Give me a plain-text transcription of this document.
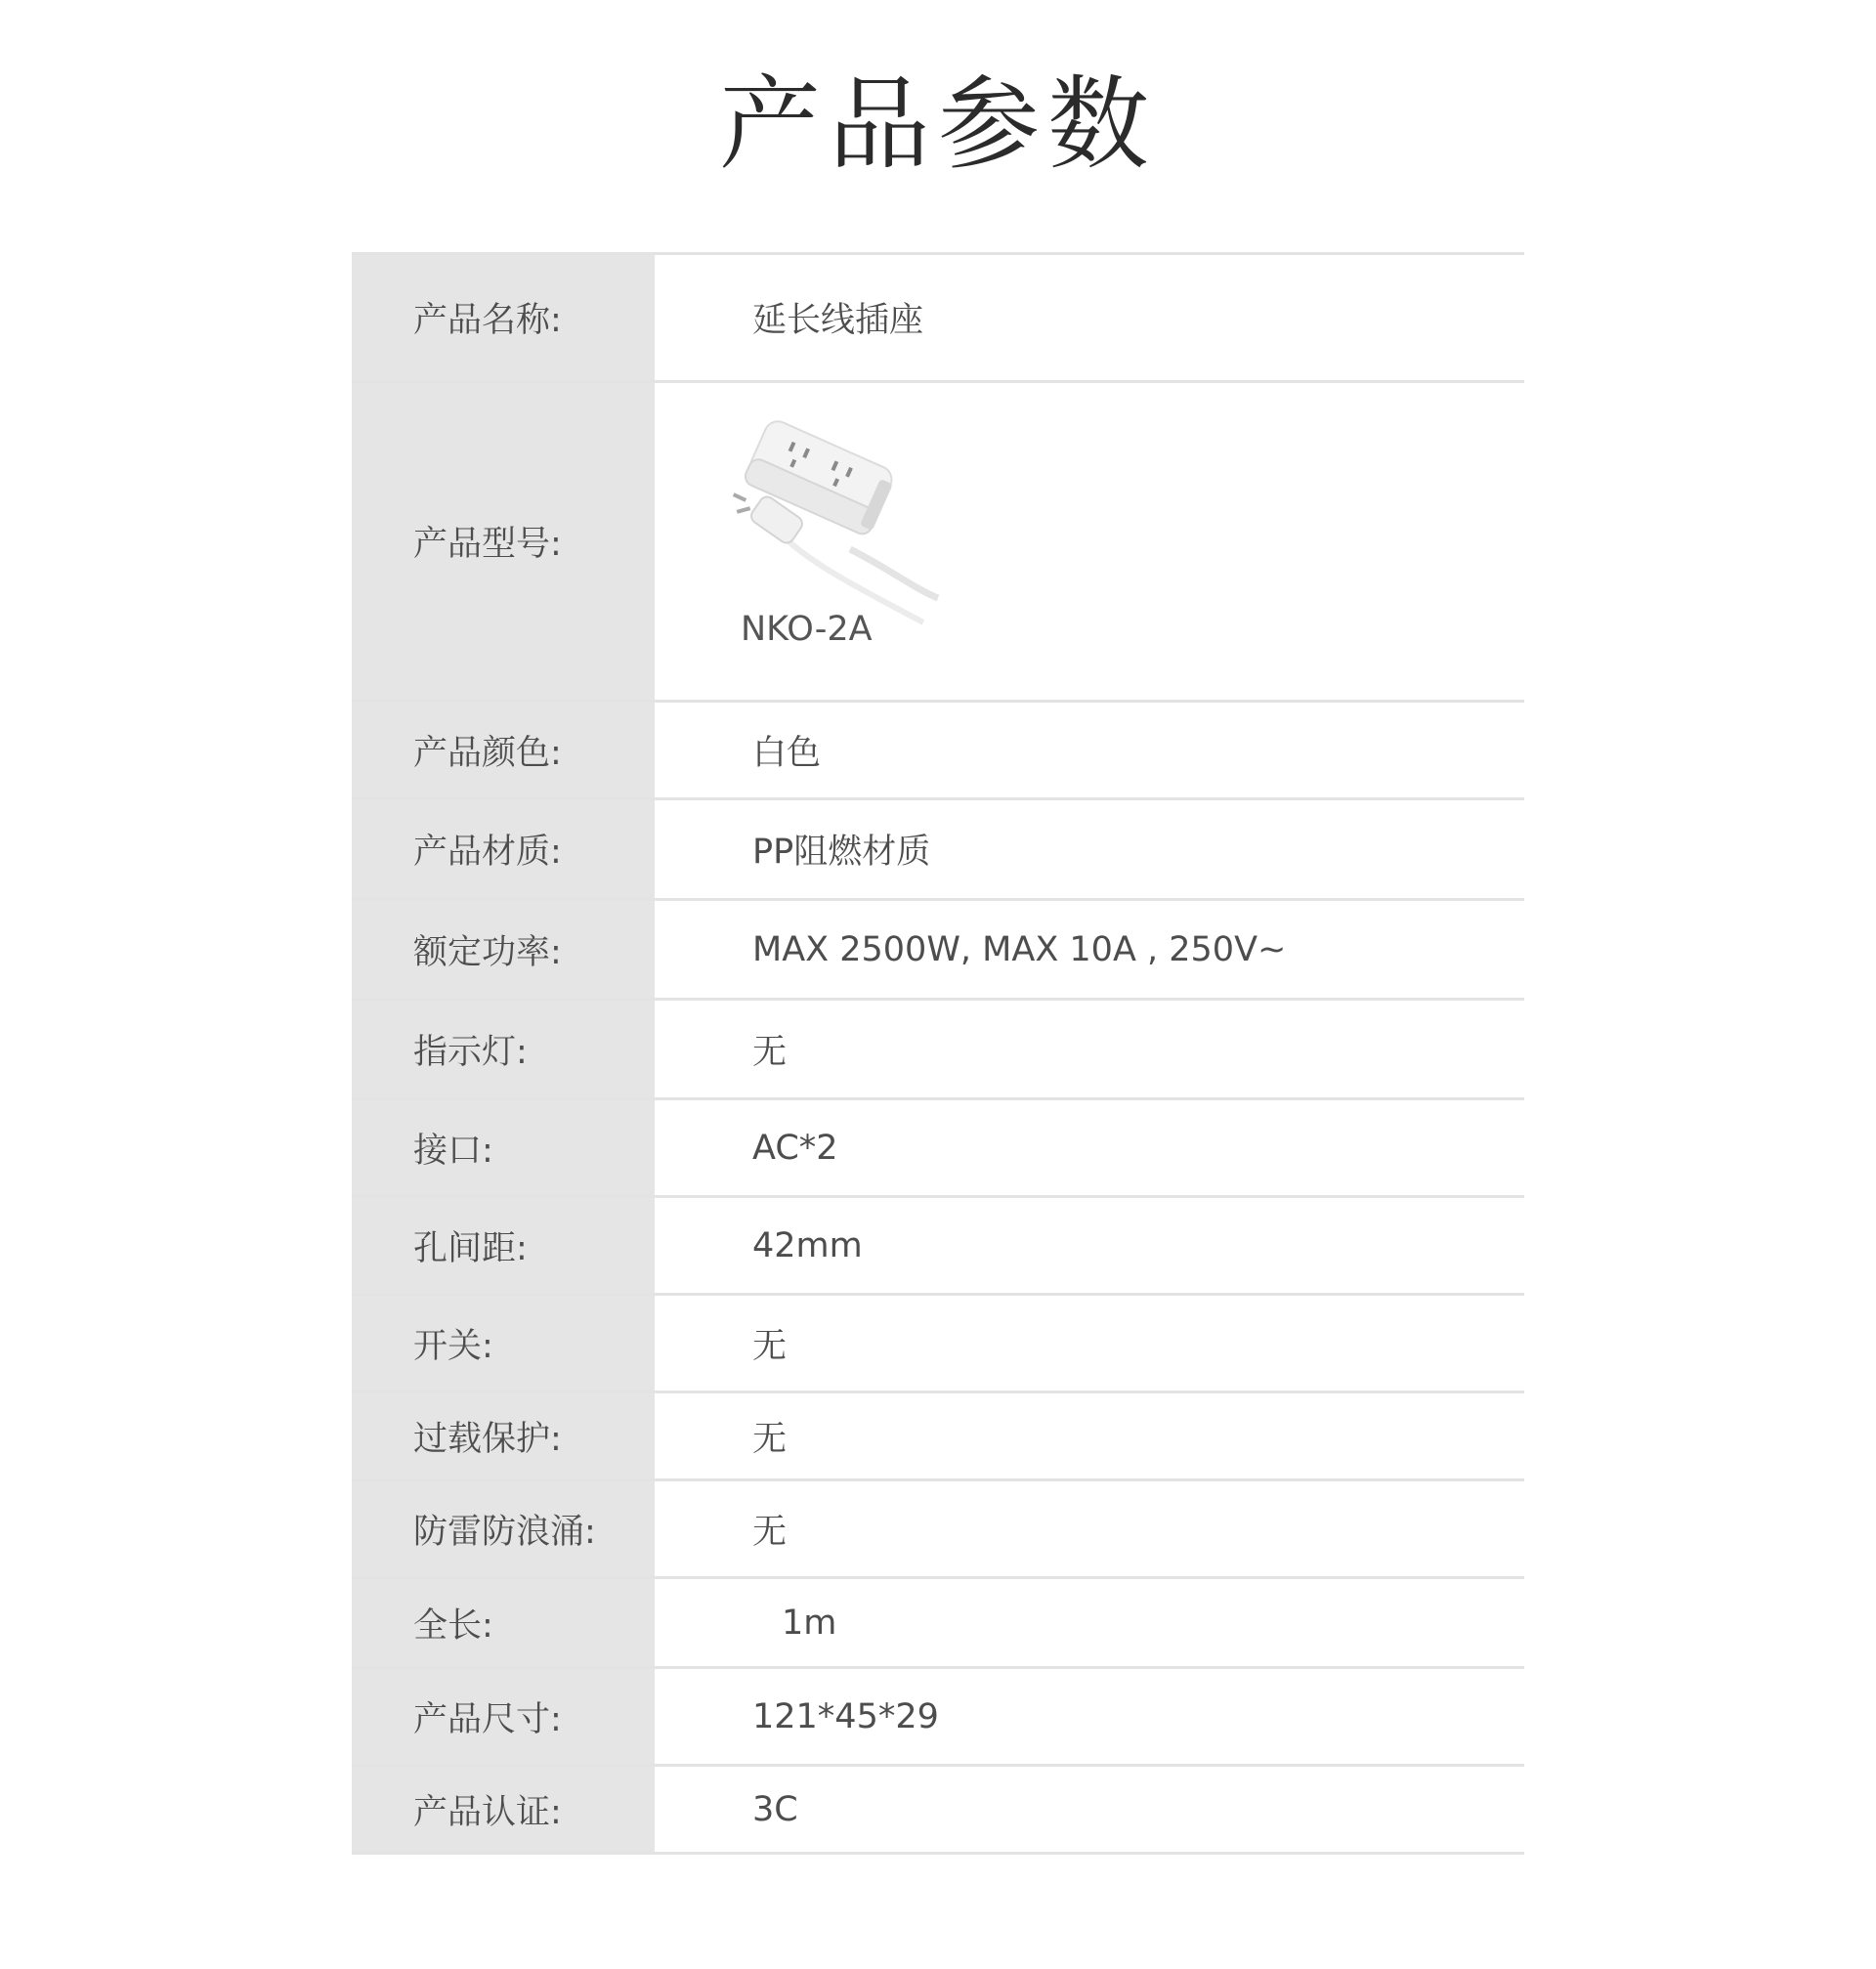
产品参数
产品名称:	延长线插座
产品型号:
NKO-2A
产品颜色:	白色
产品材质:	PP阻燃材质
额定功率:	MAX 2500W, MAX 10A , 250V~
指示灯:	无
接口:	AC*2
孔间距:	42mm
开关:	无
过载保护:	无
防雷防浪涌:	无
全长:	1m
产品尺寸:	121*45*29
产品认证:	3C
